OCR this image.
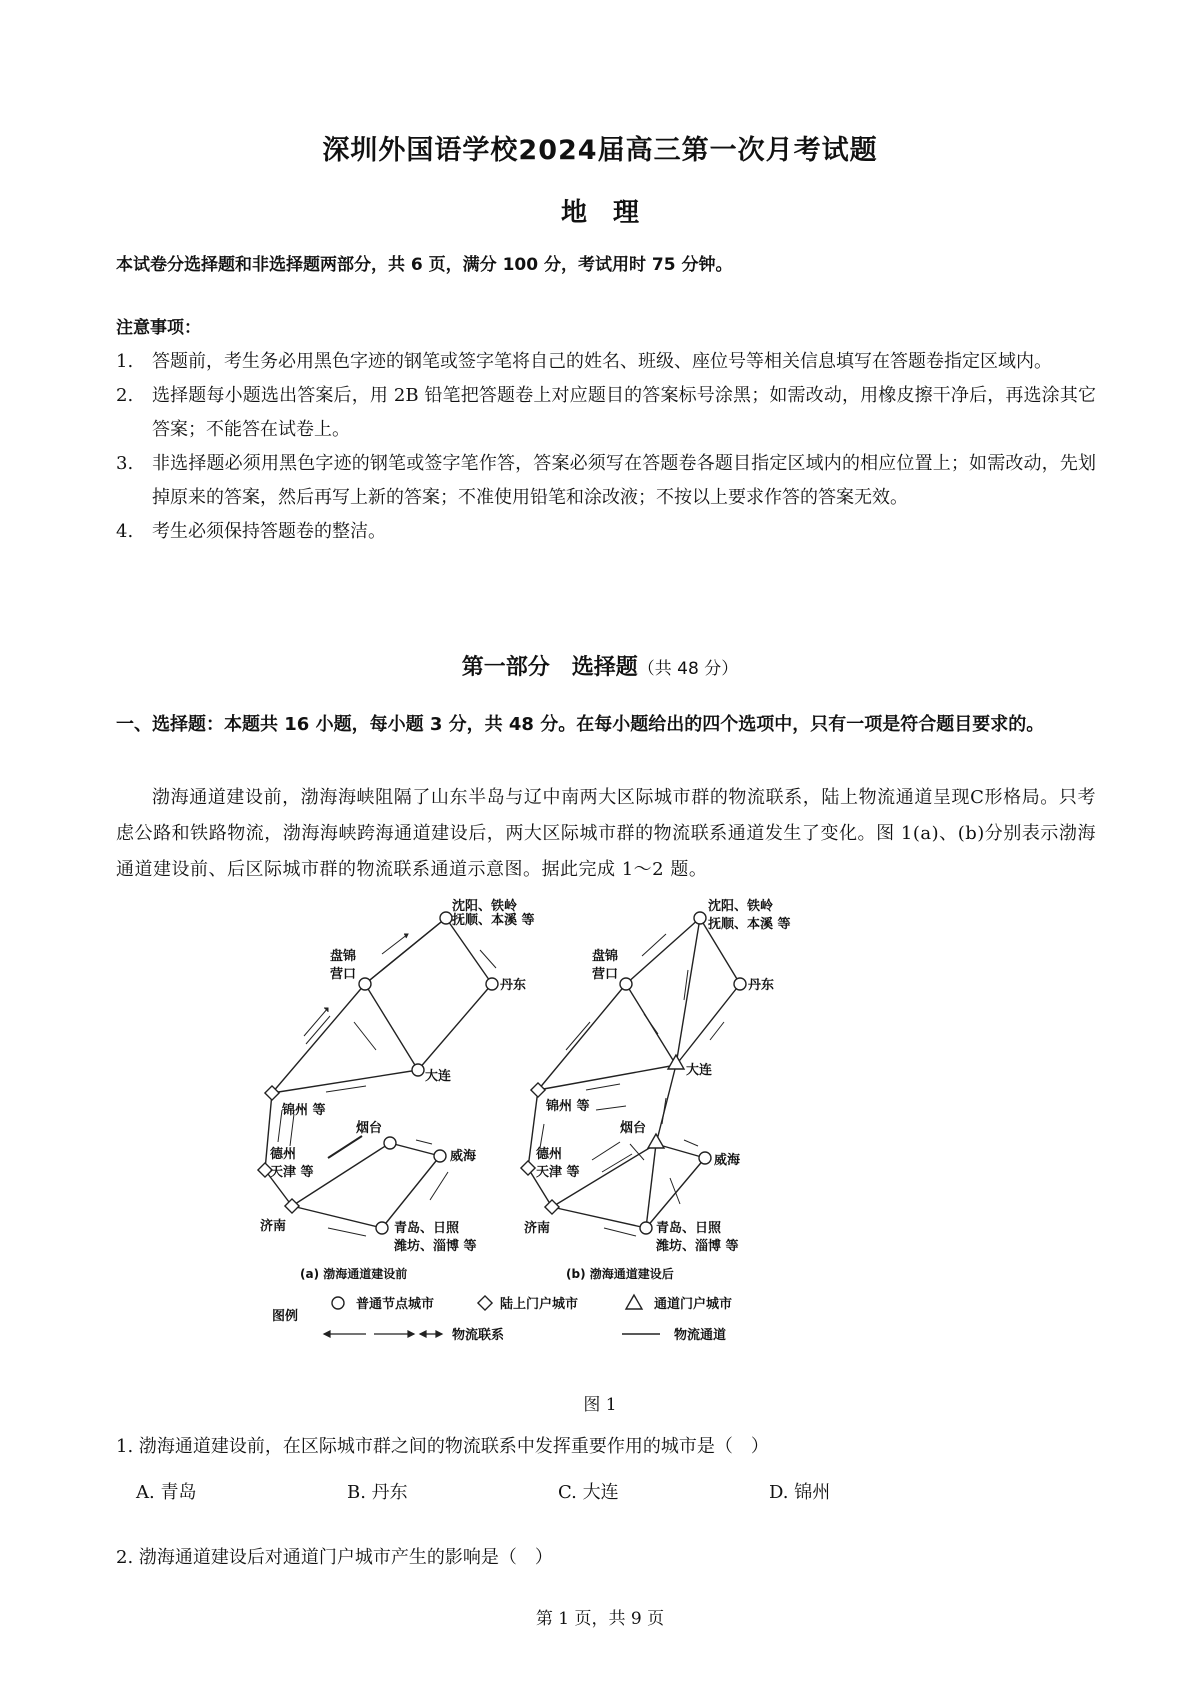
深圳外国语学校2024届高三第一次月考试题
地　理
本试卷分选择题和非选择题两部分，共 6 页，满分 100 分，考试用时 75 分钟。
注意事项：
1. 答题前，考生务必用黑色字迹的钢笔或签字笔将自己的姓名、班级、座位号等相关信息填写在答题卷指定区域内。
2. 选择题每小题选出答案后，用 2B 铅笔把答题卷上对应题目的答案标号涂黑；如需改动，用橡皮擦干净后，再选涂其它答案；不能答在试卷上。
3. 非选择题必须用黑色字迹的钢笔或签字笔作答，答案必须写在答题卷各题目指定区域内的相应位置上；如需改动，先划掉原来的答案，然后再写上新的答案；不准使用铅笔和涂改液；不按以上要求作答的答案无效。
4. 考生必须保持答题卷的整洁。
第一部分　选择题（共 48 分）
一、选择题：本题共 16 小题，每小题 3 分，共 48 分。在每小题给出的四个选项中，只有一项是符合题目要求的。
渤海通道建设前，渤海海峡阻隔了山东半岛与辽中南两大区际城市群的物流联系，陆上物流通道呈现C形格局。只考虑公路和铁路物流，渤海海峡跨海通道建设后，两大区际城市群的物流联系通道发生了变化。图 1(a)、(b)分别表示渤海通道建设前、后区际城市群的物流联系通道示意图。据此完成 1～2 题。
沈阳、铁岭
抚顺、本溪 等
盘锦
营口
丹东
大连
锦州 等
德州
天津 等
烟台
威海
济南	青岛、日照
潍坊、淄博 等
沈阳、铁岭
抚顺、本溪 等
盘锦
营口
丹东
大连
锦州 等
德州
天津 等
烟台
威海
济南	青岛、日照
潍坊、淄博 等
(a) 渤海通道建设前	(b) 渤海通道建设后
图例
普通节点城市	陆上门户城市	通道门户城市
物流联系	物流通道
图 1
1. 渤海通道建设前，在区际城市群之间的物流联系中发挥重要作用的城市是（　）
A. 青岛	B. 丹东	C. 大连	D. 锦州
2. 渤海通道建设后对通道门户城市产生的影响是（　）
第 1 页，共 9 页
